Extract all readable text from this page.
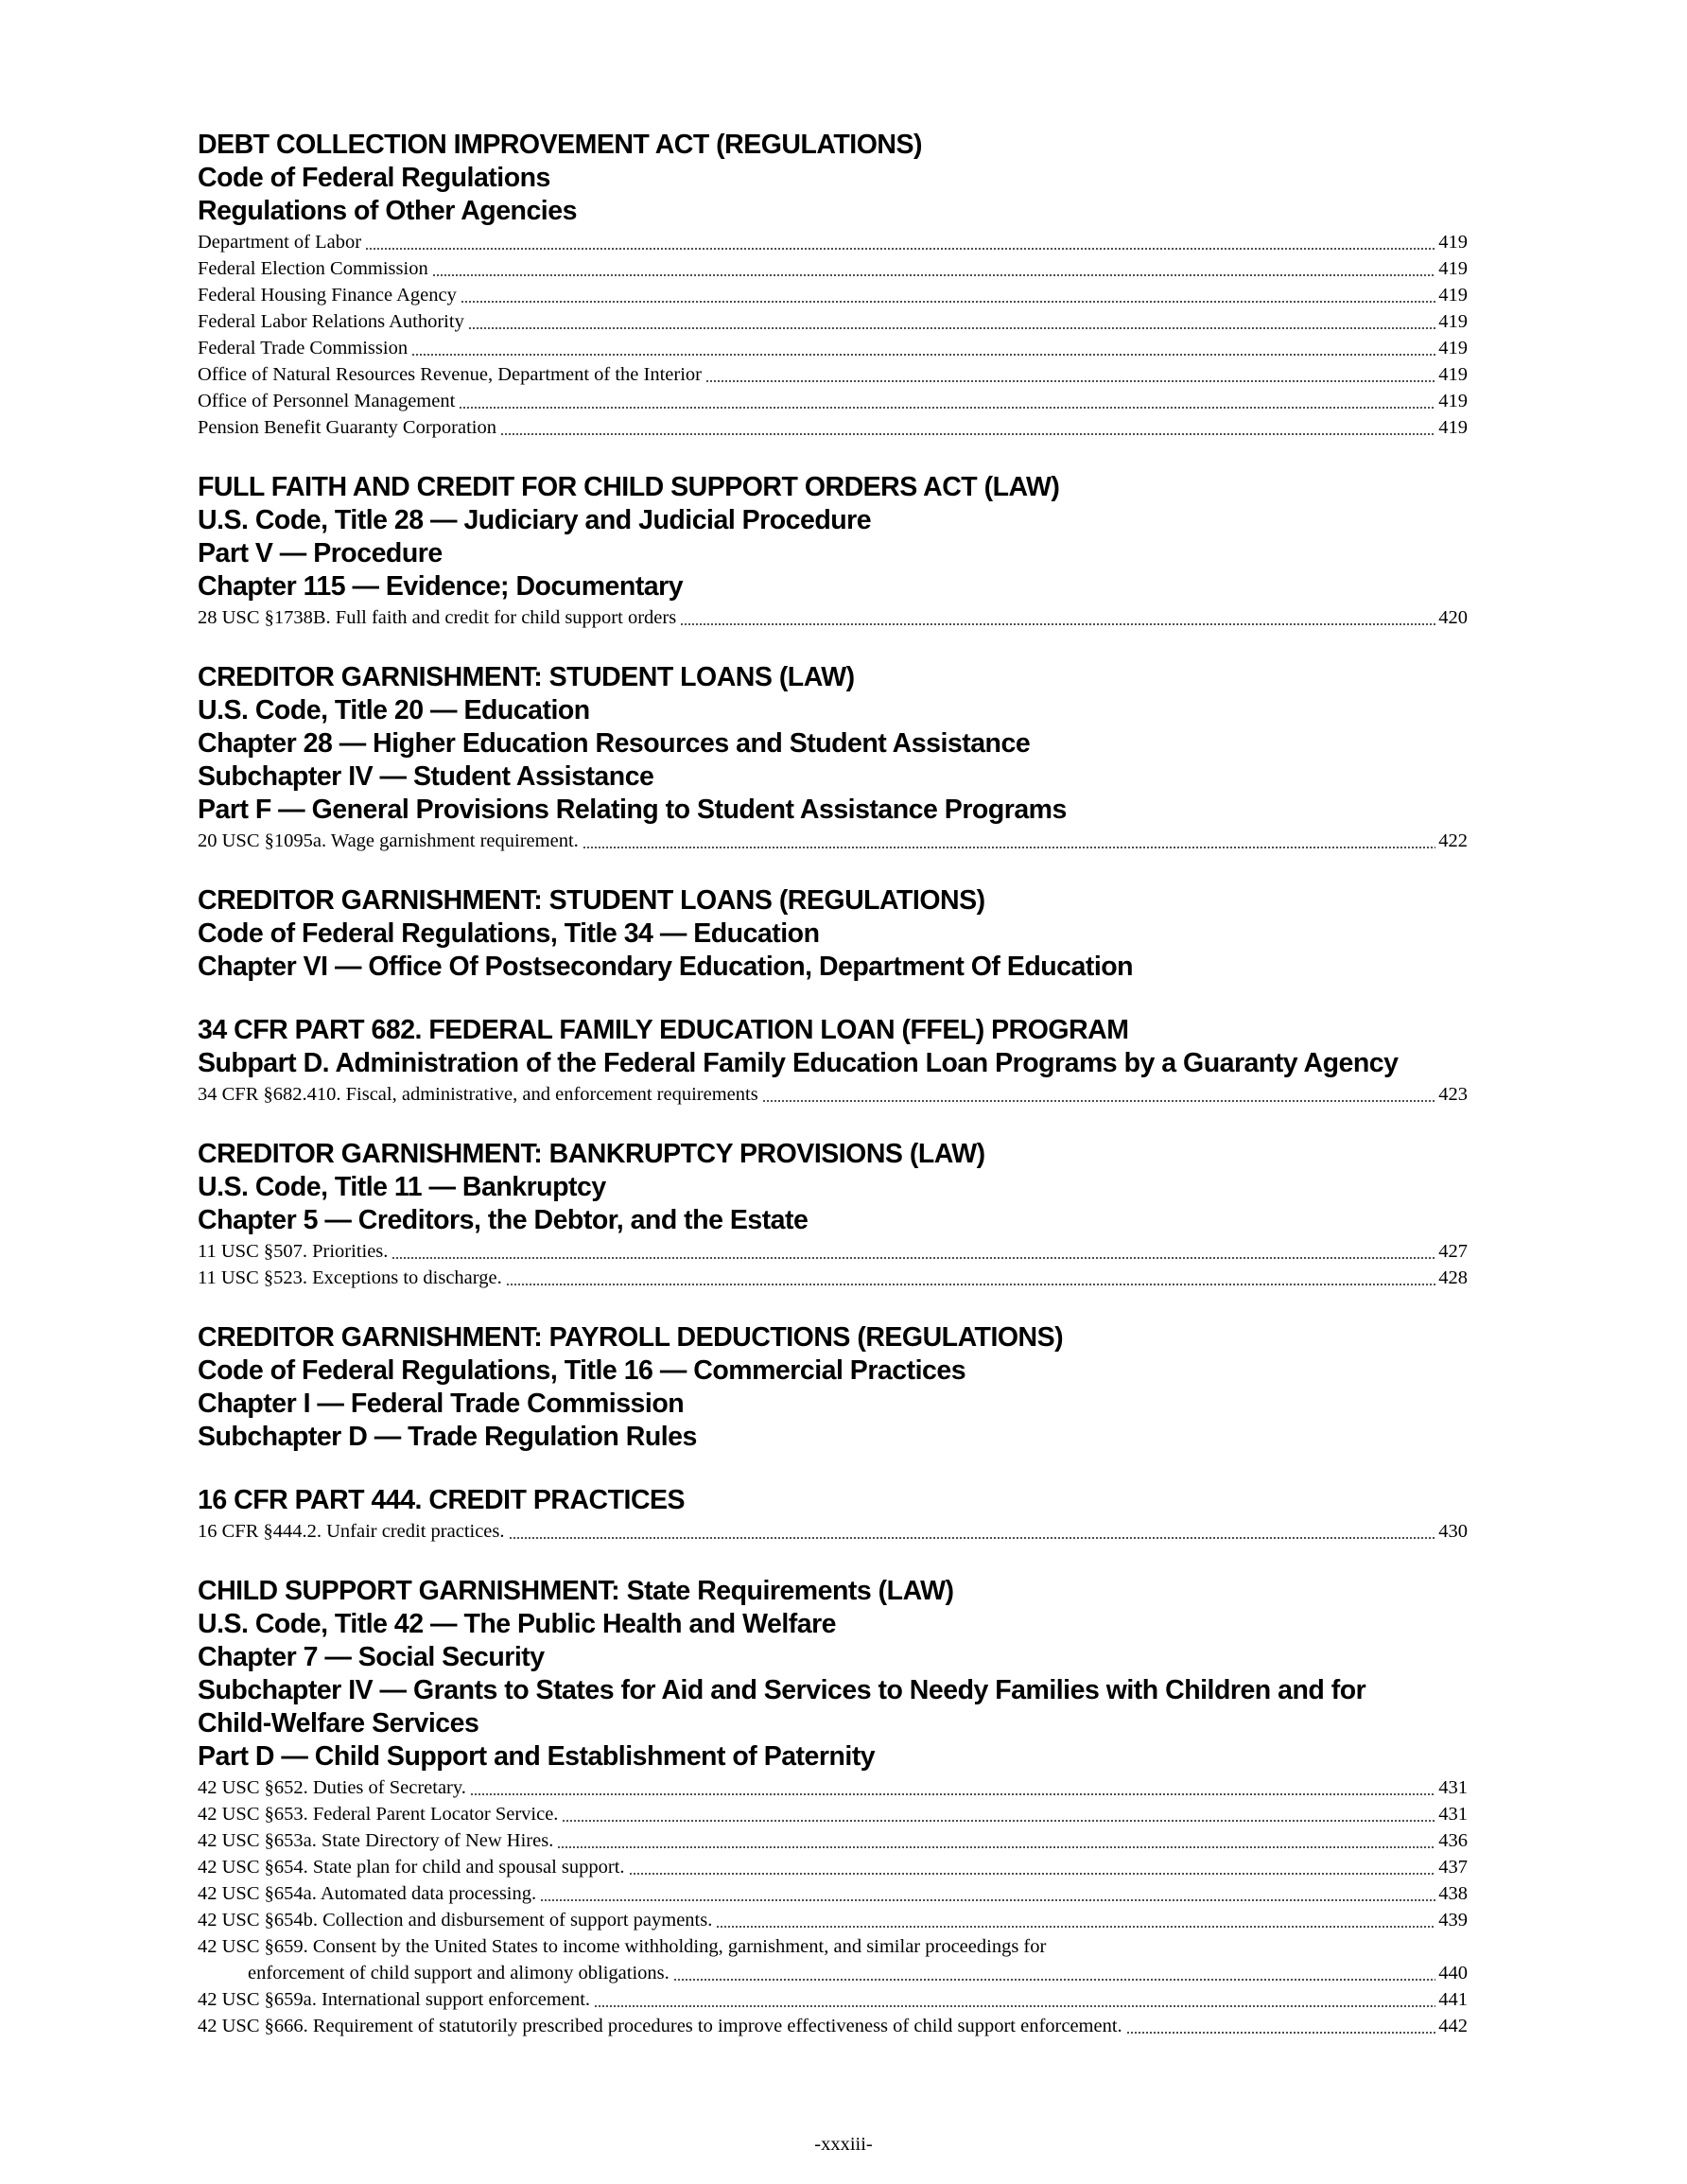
DEBT COLLECTION IMPROVEMENT ACT (REGULATIONS)
Code of Federal Regulations
Regulations of Other Agencies
Department of Labor	419
Federal Election Commission	419
Federal Housing Finance Agency	419
Federal Labor Relations Authority	419
Federal Trade Commission	419
Office of Natural Resources Revenue, Department of the Interior	419
Office of Personnel Management	419
Pension Benefit Guaranty Corporation	419
FULL FAITH AND CREDIT FOR CHILD SUPPORT ORDERS ACT (LAW)
U.S. Code, Title 28 — Judiciary and Judicial Procedure
Part V — Procedure
Chapter 115 — Evidence; Documentary
28 USC §1738B. Full faith and credit for child support orders	420
CREDITOR GARNISHMENT: STUDENT LOANS (LAW)
U.S. Code, Title 20 — Education
Chapter 28 — Higher Education Resources and Student Assistance
Subchapter IV — Student Assistance
Part F — General Provisions Relating to Student Assistance Programs
20 USC §1095a. Wage garnishment requirement.	422
CREDITOR GARNISHMENT: STUDENT LOANS (REGULATIONS)
Code of Federal Regulations, Title 34 — Education
Chapter VI — Office Of Postsecondary Education, Department Of Education
34 CFR PART 682. FEDERAL FAMILY EDUCATION LOAN (FFEL) PROGRAM
Subpart D. Administration of the Federal Family Education Loan Programs by a Guaranty Agency
34 CFR §682.410. Fiscal, administrative, and enforcement requirements	423
CREDITOR GARNISHMENT: BANKRUPTCY PROVISIONS (LAW)
U.S. Code, Title 11 — Bankruptcy
Chapter 5 — Creditors, the Debtor, and the Estate
11 USC §507. Priorities.	427
11 USC §523. Exceptions to discharge.	428
CREDITOR GARNISHMENT: PAYROLL DEDUCTIONS (REGULATIONS)
Code of Federal Regulations, Title 16 — Commercial Practices
Chapter I — Federal Trade Commission
Subchapter D — Trade Regulation Rules
16 CFR PART 444. CREDIT PRACTICES
16 CFR §444.2. Unfair credit practices.	430
CHILD SUPPORT GARNISHMENT: State Requirements (LAW)
U.S. Code, Title 42 — The Public Health and Welfare
Chapter 7 — Social Security
Subchapter IV — Grants to States for Aid and Services to Needy Families with Children and for
Child-Welfare Services
Part D — Child Support and Establishment of Paternity
42 USC §652. Duties of Secretary.	431
42 USC §653. Federal Parent Locator Service.	431
42 USC §653a. State Directory of New Hires.	436
42 USC §654. State plan for child and spousal support.	437
42 USC §654a. Automated data processing.	438
42 USC §654b. Collection and disbursement of support payments.	439
42 USC §659. Consent by the United States to income withholding, garnishment, and similar proceedings for
enforcement of child support and alimony obligations.	440
42 USC §659a. International support enforcement.	441
42 USC §666. Requirement of statutorily prescribed procedures to improve effectiveness of child support enforcement.	442
-xxxiii-
